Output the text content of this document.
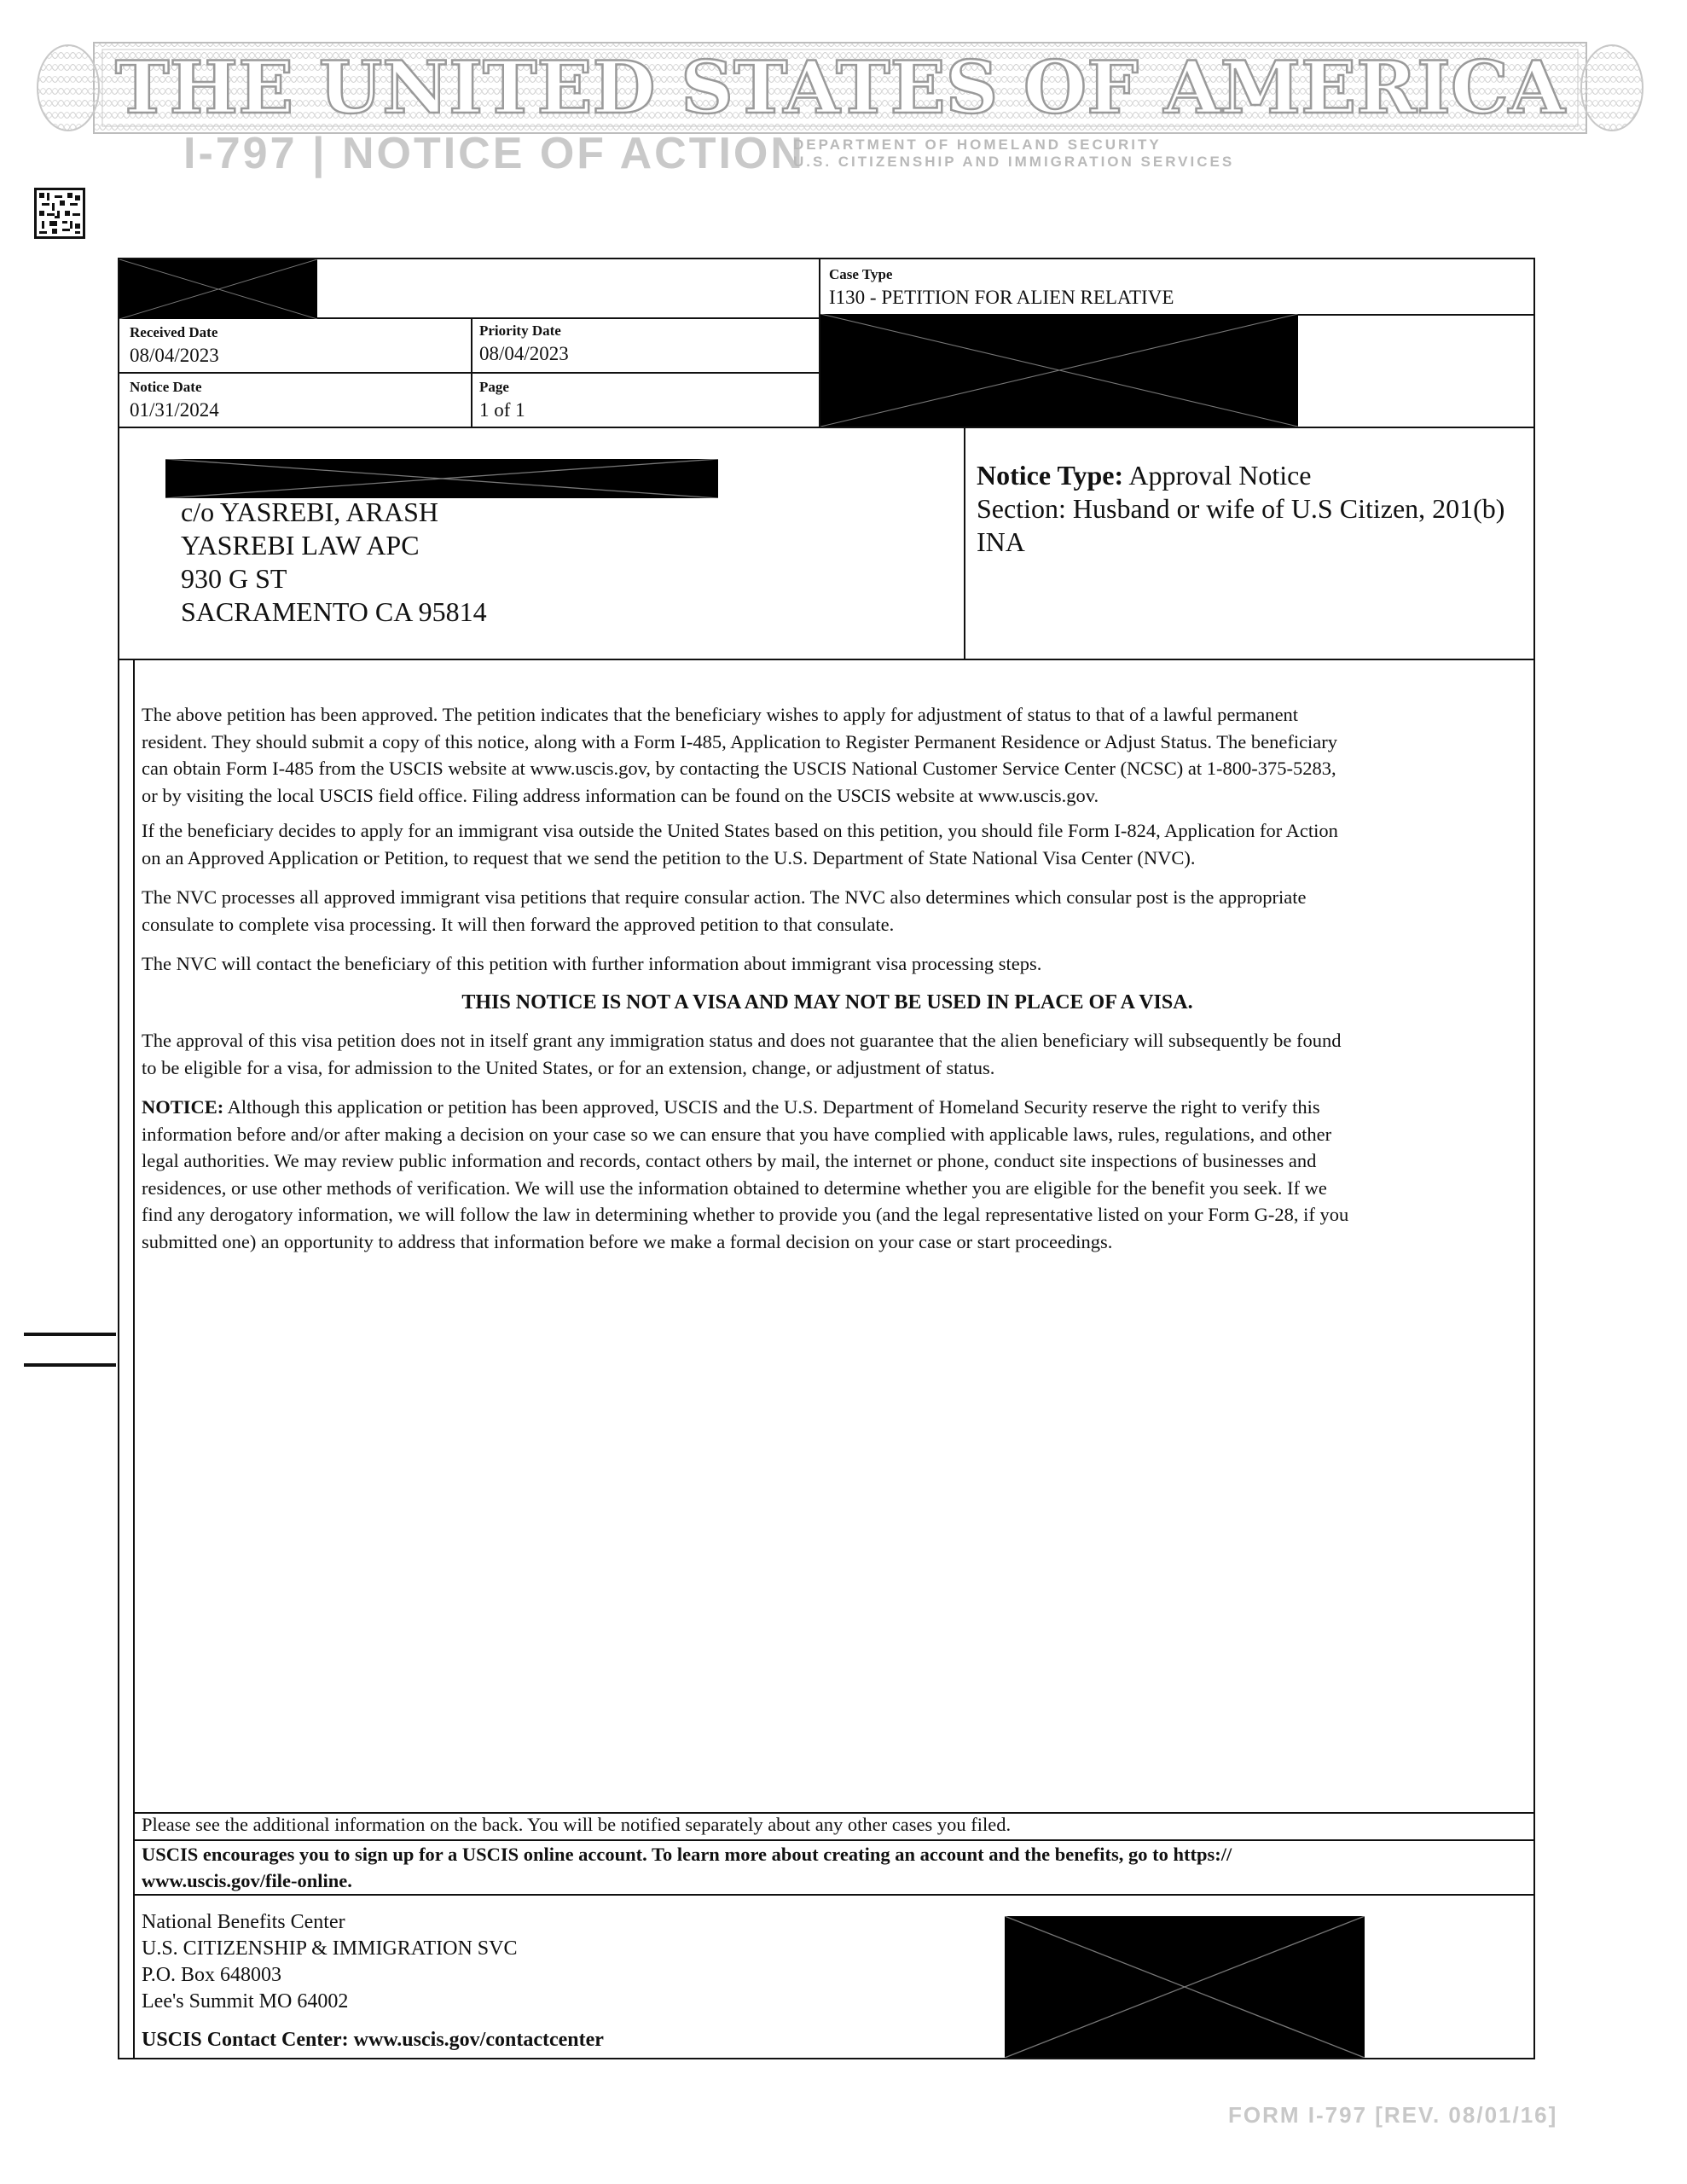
THE UNITED STATES OF AMERICA
I-797 | NOTICE OF ACTION
DEPARTMENT OF HOMELAND SECURITY
U.S. CITIZENSHIP AND IMMIGRATION SERVICES
Case Type
I130 - PETITION FOR ALIEN RELATIVE
Received Date
08/04/2023
Priority Date
08/04/2023
Notice Date
01/31/2024
Page
1 of 1
c/o YASREBI, ARASH
YASREBI LAW APC
930 G ST
SACRAMENTO CA 95814
Notice Type: Approval Notice
Section: Husband or wife of U.S Citizen, 201(b)
INA
The above petition has been approved. The petition indicates that the beneficiary wishes to apply for adjustment of status to that of a lawful permanent
resident. They should submit a copy of this notice, along with a Form I-485, Application to Register Permanent Residence or Adjust Status. The beneficiary
can obtain Form I-485 from the USCIS website at www.uscis.gov, by contacting the USCIS National Customer Service Center (NCSC) at 1-800-375-5283,
or by visiting the local USCIS field office. Filing address information can be found on the USCIS website at www.uscis.gov.
If the beneficiary decides to apply for an immigrant visa outside the United States based on this petition, you should file Form I-824, Application for Action
on an Approved Application or Petition, to request that we send the petition to the U.S. Department of State National Visa Center (NVC).
The NVC processes all approved immigrant visa petitions that require consular action. The NVC also determines which consular post is the appropriate
consulate to complete visa processing. It will then forward the approved petition to that consulate.
The NVC will contact the beneficiary of this petition with further information about immigrant visa processing steps.
THIS NOTICE IS NOT A VISA AND MAY NOT BE USED IN PLACE OF A VISA.
The approval of this visa petition does not in itself grant any immigration status and does not guarantee that the alien beneficiary will subsequently be found
to be eligible for a visa, for admission to the United States, or for an extension, change, or adjustment of status.
NOTICE: Although this application or petition has been approved, USCIS and the U.S. Department of Homeland Security reserve the right to verify this
information before and/or after making a decision on your case so we can ensure that you have complied with applicable laws, rules, regulations, and other
legal authorities. We may review public information and records, contact others by mail, the internet or phone, conduct site inspections of businesses and
residences, or use other methods of verification. We will use the information obtained to determine whether you are eligible for the benefit you seek. If we
find any derogatory information, we will follow the law in determining whether to provide you (and the legal representative listed on your Form G-28, if you
submitted one) an opportunity to address that information before we make a formal decision on your case or start proceedings.
Please see the additional information on the back. You will be notified separately about any other cases you filed.
USCIS encourages you to sign up for a USCIS online account. To learn more about creating an account and the benefits, go to https://
www.uscis.gov/file-online.
National Benefits Center
U.S. CITIZENSHIP & IMMIGRATION SVC
P.O. Box 648003
Lee's Summit MO 64002
USCIS Contact Center: www.uscis.gov/contactcenter
FORM I-797 [REV. 08/01/16]
